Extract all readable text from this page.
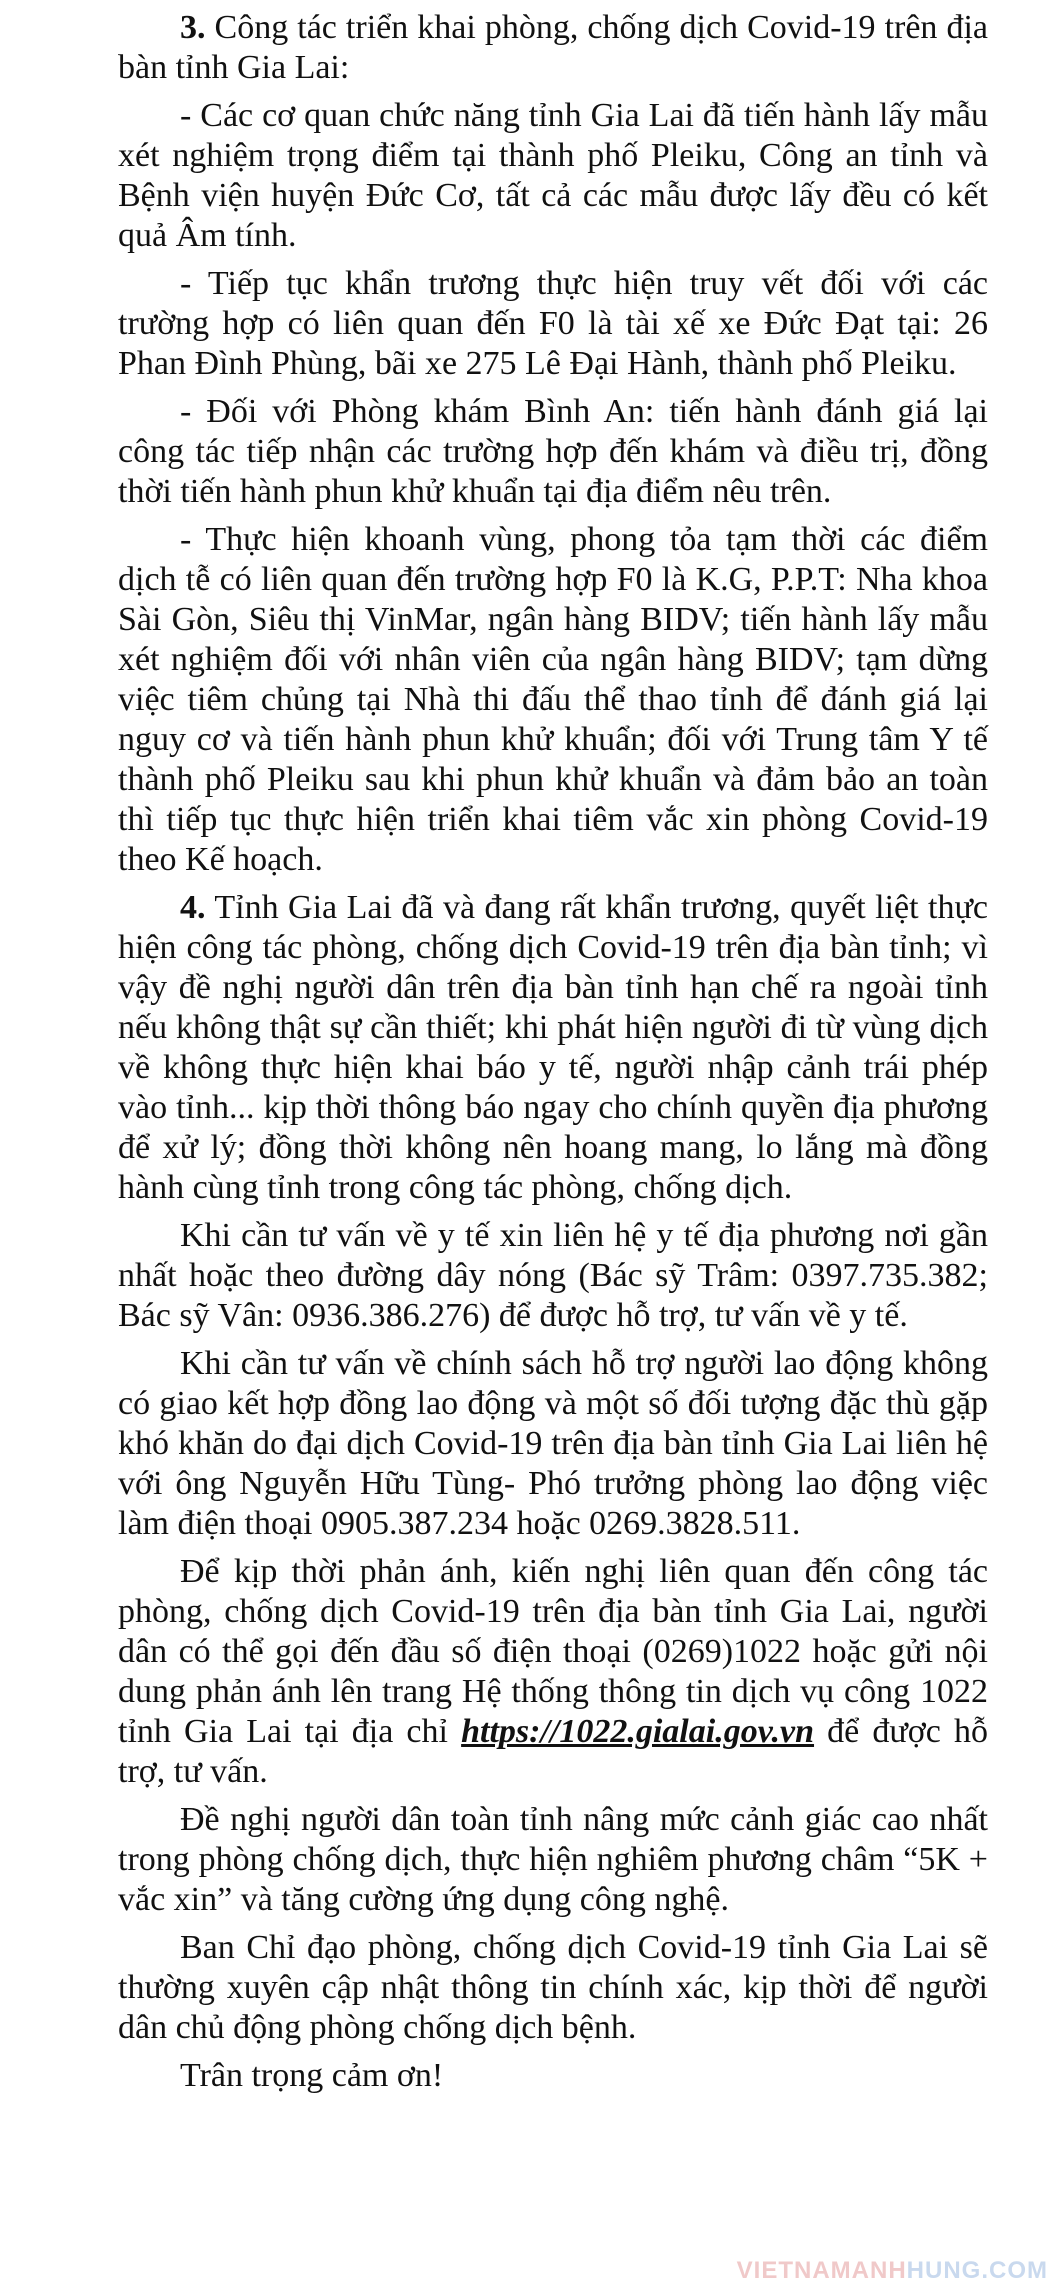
3. Công tác triển khai phòng, chống dịch Covid-19 trên địa bàn tỉnh Gia Lai:

- Các cơ quan chức năng tỉnh Gia Lai đã tiến hành lấy mẫu xét nghiệm trọng điểm tại thành phố Pleiku, Công an tỉnh và Bệnh viện huyện Đức Cơ, tất cả các mẫu được lấy đều có kết quả Âm tính.

- Tiếp tục khẩn trương thực hiện truy vết đối với các trường hợp có liên quan đến F0 là tài xế xe Đức Đạt tại: 26 Phan Đình Phùng, bãi xe 275 Lê Đại Hành, thành phố Pleiku.

- Đối với Phòng khám Bình An: tiến hành đánh giá lại công tác tiếp nhận các trường hợp đến khám và điều trị, đồng thời tiến hành phun khử khuẩn tại địa điểm nêu trên.

- Thực hiện khoanh vùng, phong tỏa tạm thời các điểm dịch tễ có liên quan đến trường hợp F0 là K.G, P.P.T: Nha khoa Sài Gòn, Siêu thị VinMar, ngân hàng BIDV; tiến hành lấy mẫu xét nghiệm đối với nhân viên của ngân hàng BIDV; tạm dừng việc tiêm chủng tại Nhà thi đấu thể thao tỉnh để đánh giá lại nguy cơ và tiến hành phun khử khuẩn; đối với Trung tâm Y tế thành phố Pleiku sau khi phun khử khuẩn và đảm bảo an toàn thì tiếp tục thực hiện triển khai tiêm vắc xin phòng Covid-19 theo Kế hoạch.

4. Tỉnh Gia Lai đã và đang rất khẩn trương, quyết liệt thực hiện công tác phòng, chống dịch Covid-19 trên địa bàn tỉnh; vì vậy đề nghị người dân trên địa bàn tỉnh hạn chế ra ngoài tỉnh nếu không thật sự cần thiết; khi phát hiện người đi từ vùng dịch về không thực hiện khai báo y tế, người nhập cảnh trái phép vào tỉnh... kịp thời thông báo ngay cho chính quyền địa phương để xử lý; đồng thời không nên hoang mang, lo lắng mà đồng hành cùng tỉnh trong công tác phòng, chống dịch.

Khi cần tư vấn về y tế xin liên hệ y tế địa phương nơi gần nhất hoặc theo đường dây nóng (Bác sỹ Trâm: 0397.735.382; Bác sỹ Vân: 0936.386.276) để được hỗ trợ, tư vấn về y tế.

Khi cần tư vấn về chính sách hỗ trợ người lao động không có giao kết hợp đồng lao động và một số đối tượng đặc thù gặp khó khăn do đại dịch Covid-19 trên địa bàn tỉnh Gia Lai liên hệ với ông Nguyễn Hữu Tùng- Phó trưởng phòng lao động việc làm điện thoại 0905.387.234 hoặc 0269.3828.511.

Để kịp thời phản ánh, kiến nghị liên quan đến công tác phòng, chống dịch Covid-19 trên địa bàn tỉnh Gia Lai, người dân có thể gọi đến đầu số điện thoại (0269)1022 hoặc gửi nội dung phản ánh lên trang Hệ thống thông tin dịch vụ công 1022 tỉnh Gia Lai tại địa chỉ https://1022.gialai.gov.vn để được hỗ trợ, tư vấn.

Đề nghị người dân toàn tỉnh nâng mức cảnh giác cao nhất trong phòng chống dịch, thực hiện nghiêm phương châm “5K + vắc xin” và tăng cường ứng dụng công nghệ.

Ban Chỉ đạo phòng, chống dịch Covid-19 tỉnh Gia Lai sẽ thường xuyên cập nhật thông tin chính xác, kịp thời để người dân chủ động phòng chống dịch bệnh.

Trân trọng cảm ơn!

VIETNAMANHHUNG.COM
